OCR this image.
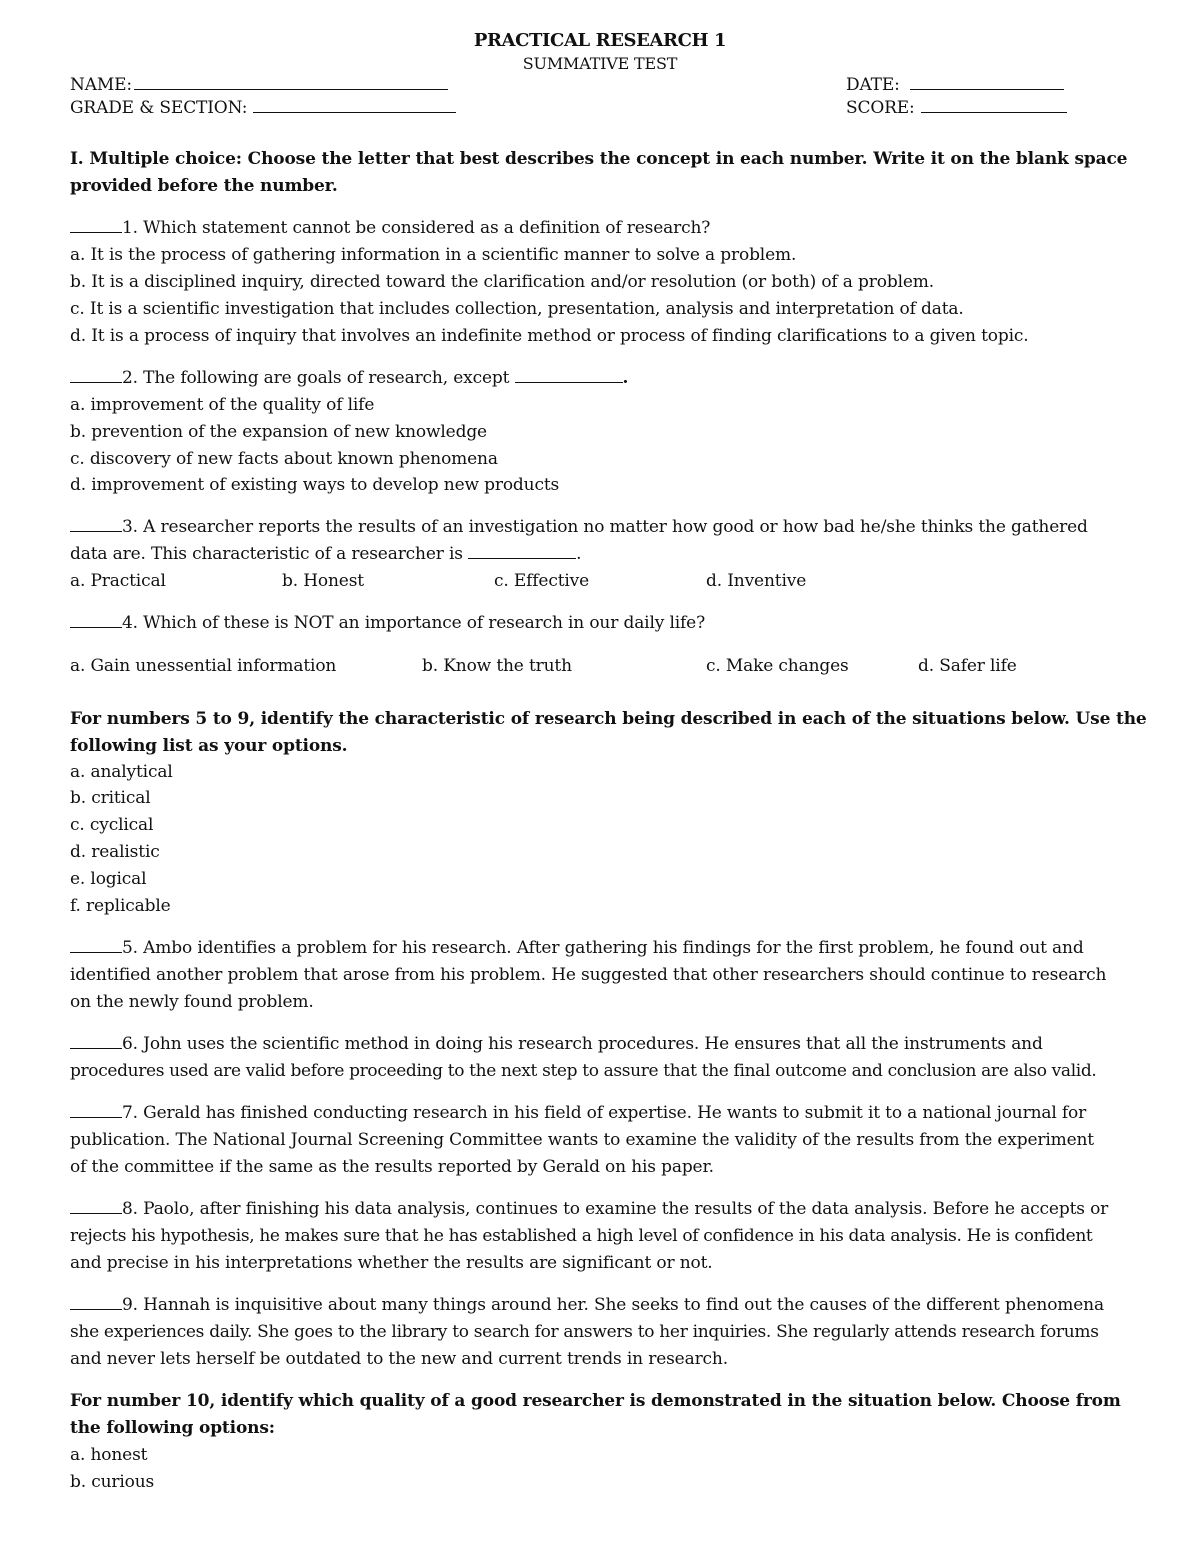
PRACTICAL RESEARCH 1
SUMMATIVE TEST
NAME:	DATE:
GRADE & SECTION:	SCORE:
I. Multiple choice: Choose the letter that best describes the concept in each number. Write it on the blank space
provided before the number.
1. Which statement cannot be considered as a definition of research?
a. It is the process of gathering information in a scientific manner to solve a problem.
b. It is a disciplined inquiry, directed toward the clarification and/or resolution (or both) of a problem.
c. It is a scientific investigation that includes collection, presentation, analysis and interpretation of data.
d. It is a process of inquiry that involves an indefinite method or process of finding clarifications to a given topic.
2. The following are goals of research, except	.
a. improvement of the quality of life
b. prevention of the expansion of new knowledge
c. discovery of new facts about known phenomena
d. improvement of existing ways to develop new products
3. A researcher reports the results of an investigation no matter how good or how bad he/she thinks the gathered
data are. This characteristic of a researcher is	.
a. Practical	b. Honest	c. Effective	d. Inventive
4. Which of these is NOT an importance of research in our daily life?
a. Gain unessential information	b. Know the truth	c. Make changes	d. Safer life
For numbers 5 to 9, identify the characteristic of research being described in each of the situations below. Use the
following list as your options.
a. analytical
b. critical
c. cyclical
d. realistic
e. logical
f. replicable
5. Ambo identifies a problem for his research. After gathering his findings for the first problem, he found out and
identified another problem that arose from his problem. He suggested that other researchers should continue to research
on the newly found problem.
6. John uses the scientific method in doing his research procedures. He ensures that all the instruments and
procedures used are valid before proceeding to the next step to assure that the final outcome and conclusion are also valid.
7. Gerald has finished conducting research in his field of expertise. He wants to submit it to a national journal for
publication. The National Journal Screening Committee wants to examine the validity of the results from the experiment
of the committee if the same as the results reported by Gerald on his paper.
8. Paolo, after finishing his data analysis, continues to examine the results of the data analysis. Before he accepts or
rejects his hypothesis, he makes sure that he has established a high level of confidence in his data analysis. He is confident
and precise in his interpretations whether the results are significant or not.
9. Hannah is inquisitive about many things around her. She seeks to find out the causes of the different phenomena
she experiences daily. She goes to the library to search for answers to her inquiries. She regularly attends research forums
and never lets herself be outdated to the new and current trends in research.
For number 10, identify which quality of a good researcher is demonstrated in the situation below. Choose from
the following options:
a. honest
b. curious
